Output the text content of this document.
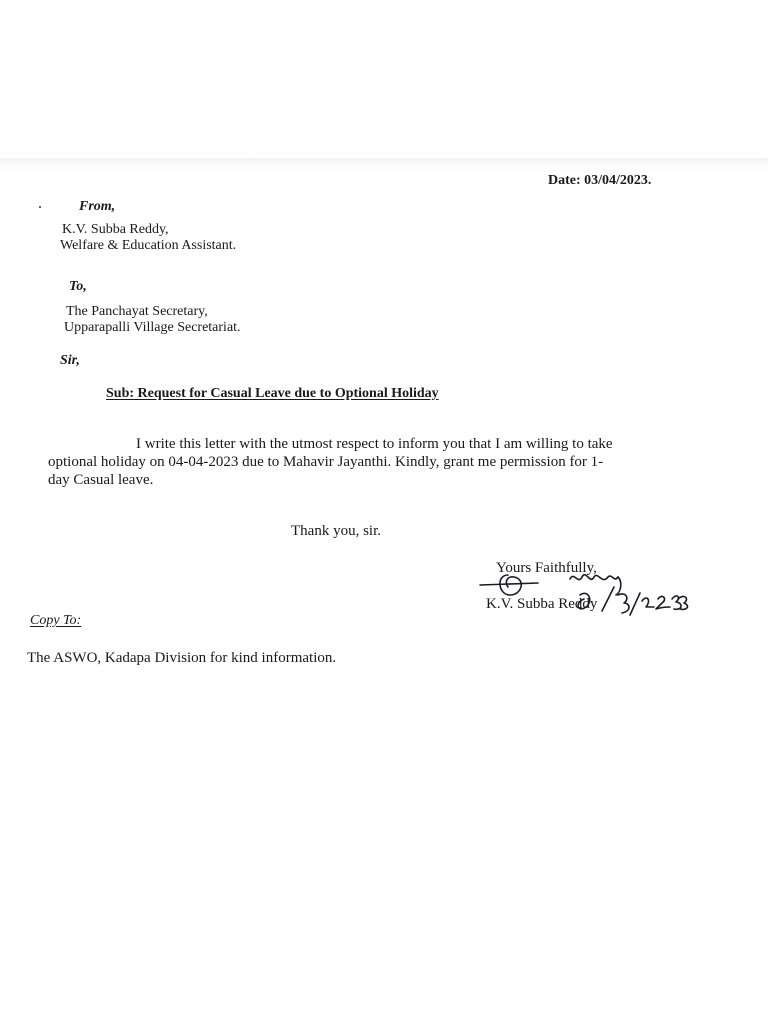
Date: 03/04/2023.
From,
K.V. Subba Reddy,
Welfare & Education Assistant.
To,
The Panchayat Secretary,
Upparapalli Village Secretariat.
Sir,
Sub: Request for Casual Leave due to Optional Holiday
I write this letter with the utmost respect to inform you that I am willing to take
optional holiday on 04-04-2023 due to Mahavir Jayanthi. Kindly, grant me permission for 1-
day Casual leave.
Thank you, sir.
Yours Faithfully,
K.V. Subba Reddy
Copy To:
The ASWO, Kadapa Division for kind information.
